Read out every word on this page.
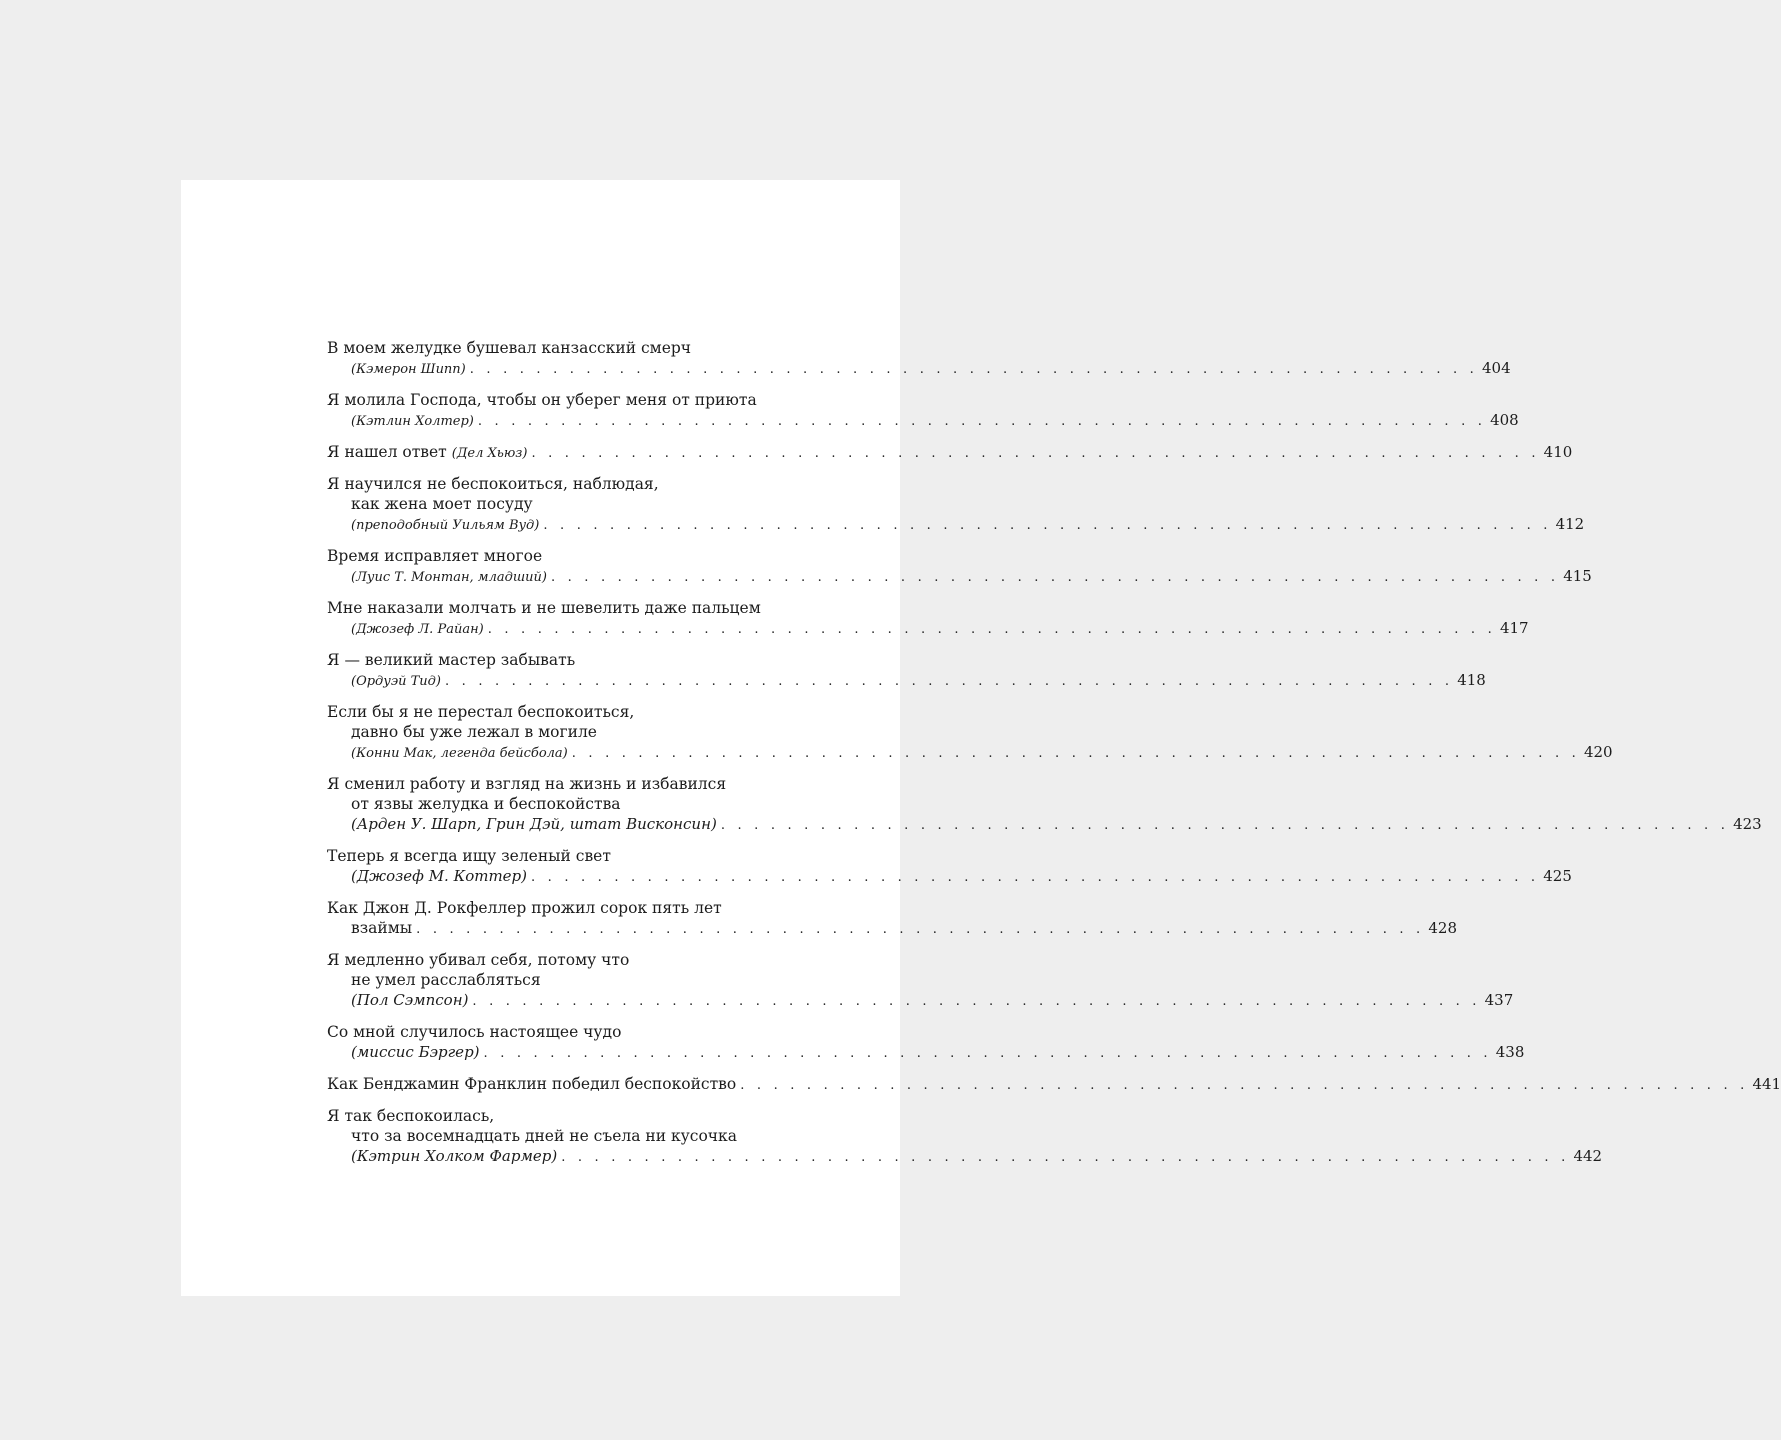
В моем желудке бушевал канзасский смерч
(Кэмерон Шипп) . . . . . . . . . . . . . . . . . . . . . . . . . . . . . . . . . . . . . . . . . . . . . . . . . . . . . . . . . . . . . 404
Я молила Господа, чтобы он уберег меня от приюта
(Кэтлин Холтер) . . . . . . . . . . . . . . . . . . . . . . . . . . . . . . . . . . . . . . . . . . . . . . . . . . . . . . . . . . . . . 408
Я нашел ответ (Дел Хьюз) . . . . . . . . . . . . . . . . . . . . . . . . . . . . . . . . . . . . . . . . . . . . . . . . . . . . . . . . . . . . . 410
Я научился не беспокоиться, наблюдая,
как жена моет посуду
(преподобный Уильям Вуд) . . . . . . . . . . . . . . . . . . . . . . . . . . . . . . . . . . . . . . . . . . . . . . . . . . . . . . . . . . . . . 412
Время исправляет многое
(Луис Т. Монтан, младший) . . . . . . . . . . . . . . . . . . . . . . . . . . . . . . . . . . . . . . . . . . . . . . . . . . . . . . . . . . . . . 415
Мне наказали молчать и не шевелить даже пальцем
(Джозеф Л. Райан) . . . . . . . . . . . . . . . . . . . . . . . . . . . . . . . . . . . . . . . . . . . . . . . . . . . . . . . . . . . . . 417
Я — великий мастер забывать
(Ордуэй Тид) . . . . . . . . . . . . . . . . . . . . . . . . . . . . . . . . . . . . . . . . . . . . . . . . . . . . . . . . . . . . . 418
Если бы я не перестал беспокоиться,
давно бы уже лежал в могиле
(Конни Мак, легенда бейсбола) . . . . . . . . . . . . . . . . . . . . . . . . . . . . . . . . . . . . . . . . . . . . . . . . . . . . . . . . . . . . . 420
Я сменил работу и взгляд на жизнь и избавился
от язвы желудка и беспокойства
(Арден У. Шарп, Грин Дэй, штат Висконсин) . . . . . . . . . . . . . . . . . . . . . . . . . . . . . . . . . . . . . . . . . . . . . . . . . . . . . . . . . . . . . 423
Теперь я всегда ищу зеленый свет
(Джозеф М. Коттер) . . . . . . . . . . . . . . . . . . . . . . . . . . . . . . . . . . . . . . . . . . . . . . . . . . . . . . . . . . . . . 425
Как Джон Д. Рокфеллер прожил сорок пять лет
взаймы . . . . . . . . . . . . . . . . . . . . . . . . . . . . . . . . . . . . . . . . . . . . . . . . . . . . . . . . . . . . . 428
Я медленно убивал себя, потому что
не умел расслабляться
(Пол Сэмпсон) . . . . . . . . . . . . . . . . . . . . . . . . . . . . . . . . . . . . . . . . . . . . . . . . . . . . . . . . . . . . . 437
Со мной случилось настоящее чудо
(миссис Бэргер) . . . . . . . . . . . . . . . . . . . . . . . . . . . . . . . . . . . . . . . . . . . . . . . . . . . . . . . . . . . . . 438
Как Бенджамин Франклин победил беспокойство . . . . . . . . . . . . . . . . . . . . . . . . . . . . . . . . . . . . . . . . . . . . . . . . . . . . . . . . . . . . . 441
Я так беспокоилась,
что за восемнадцать дней не съела ни кусочка
(Кэтрин Холком Фармер) . . . . . . . . . . . . . . . . . . . . . . . . . . . . . . . . . . . . . . . . . . . . . . . . . . . . . . . . . . . . . 442
